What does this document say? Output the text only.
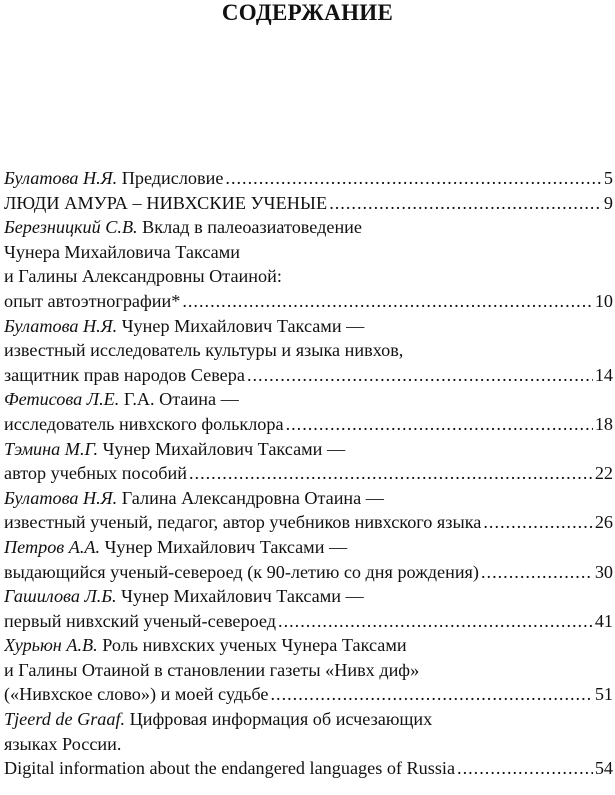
СОДЕРЖАНИЕ
Булатова Н.Я. Предисловие .....	5
ЛЮДИ АМУРА – НИВХСКИЕ УЧЕНЫЕ .....	9
Березницкий С.В. Вклад в палеоазиатоведение
Чунера Михайловича Таксами
и Галины Александровны Отаиной:
опыт автоэтнографии* .....	10
Булатова Н.Я. Чунер Михайлович Таксами —
известный исследователь культуры и языка нивхов,
защитник прав народов Севера .....	14
Фетисова Л.Е. Г.А. Отаина —
исследователь нивхского фольклора .....	18
Тэмина М.Г. Чунер Михайлович Таксами —
автор учебных пособий .....	22
Булатова Н.Я. Галина Александровна Отаина —
известный ученый, педагог, автор учебников нивхского языка .....	26
Петров А.А. Чунер Михайлович Таксами —
выдающийся ученый-североед (к 90-летию со дня рождения) .....	30
Гашилова Л.Б. Чунер Михайлович Таксами —
первый нивхский ученый-североед .....	41
Хурьюн А.В. Роль нивхских ученых Чунера Таксами
и Галины Отаиной в становлении газеты «Нивх диф»
(«Нивхское слово») и моей судьбе .....	51
Tjeerd de Graaf. Цифровая информация об исчезающих
языках России.
Digital information about the endangered languages of Russia .....	54
